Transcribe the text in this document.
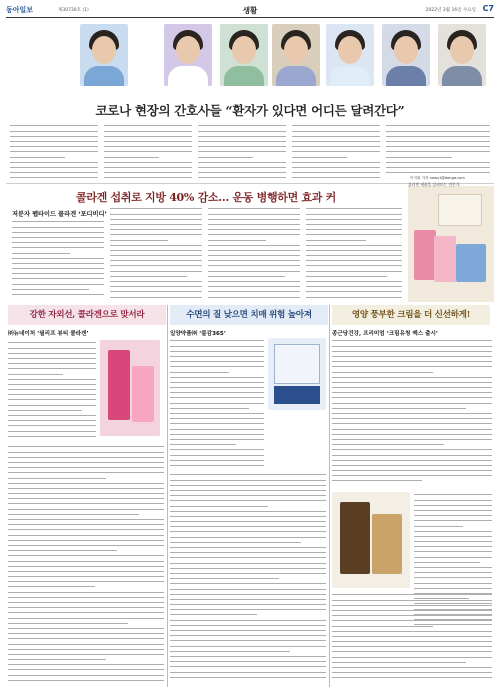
동아일보	제30730호 (1)	생활	2022년 3월 16일 수요일 C7
코로나 현장의 간호사들 “환자가 있다면 어디든 달려간다”
이지원 기자 news1@donga.com
콜라겐 섭취로 지방 40% 감소… 운동 병행하면 효과 커
저분자 펩타이드 콜라겐 ‘포디비디’
콜라겐 제품을 살펴보는 전문가.
강한 자외선, 콜라겐으로 맞서라	수면의 질 낮으면 치매 위험 높아져	영양 풍부한 크림을 더 신선하게!
㈜뉴네이처 ‘필리프 뷰티 콜라겐’	일양약품㈜ ‘불감365’	종근당건강, 프리미엄 ‘크림유청 맥스 출시’
